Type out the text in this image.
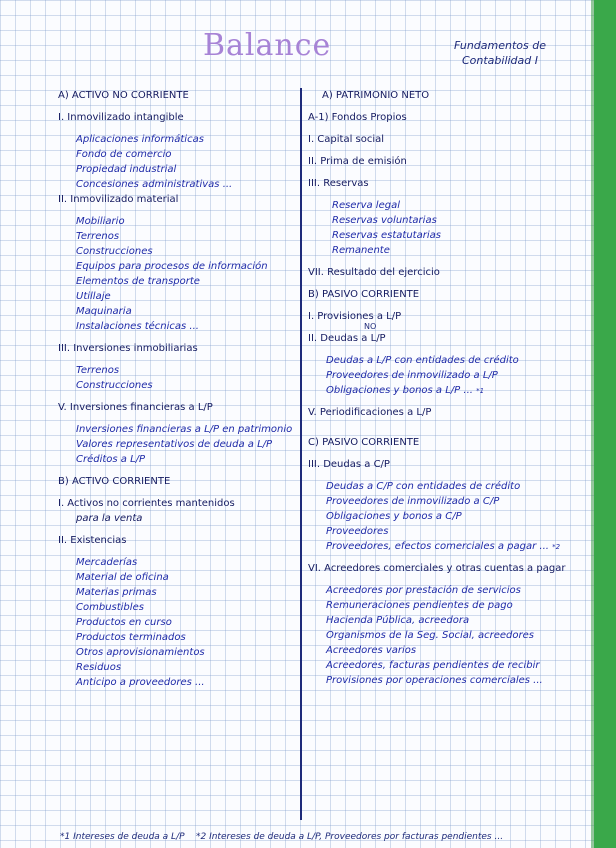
Balance	Fundamentos de
Contabilidad I
A) ACTIVO NO CORRIENTE
I. Inmovilizado intangible
Aplicaciones informáticas
Fondo de comercio
Propiedad industrial
Concesiones administrativas ...
II. Inmovilizado material
Mobiliario
Terrenos
Construcciones
Equipos para procesos de información
Elementos de transporte
Utillaje
Maquinaria
Instalaciones técnicas ...
III. Inversiones inmobiliarias
Terrenos
Construcciones
V. Inversiones financieras a L/P
Inversiones financieras a L/P en patrimonio
Valores representativos de deuda a L/P
Créditos a L/P
B) ACTIVO CORRIENTE
I. Activos no corrientes mantenidos
para la venta
II. Existencias
Mercaderías
Material de oficina
Materias primas
Combustibles
Productos en curso
Productos terminados
Otros aprovisionamientos
Residuos
Anticipo a proveedores ...
A) PATRIMONIO NETO
A-1) Fondos Propios
I. Capital social
II. Prima de emisión
III. Reservas
Reserva legal
Reservas voluntarias
Reservas estatutarias
Remanente
VII. Resultado del ejercicio
B) PASIVO CORRIENTE
I. Provisiones a L/P
II. Deudas a L/P
Deudas a L/P con entidades de crédito
Proveedores de inmovilizado a L/P
Obligaciones y bonos a L/P ... *1
V. Periodificaciones a L/P
C) PASIVO CORRIENTE
III. Deudas a C/P
Deudas a C/P con entidades de crédito
Proveedores de inmovilizado a C/P
Obligaciones y bonos a C/P
Proveedores
Proveedores, efectos comerciales a pagar ... *2
VI. Acreedores comerciales y otras cuentas a pagar
Acreedores por prestación de servicios
Remuneraciones pendientes de pago
Hacienda Pública, acreedora
Organismos de la Seg. Social, acreedores
Acreedores varios
Acreedores, facturas pendientes de recibir
Provisiones por operaciones comerciales ...
NO
*1 Intereses de deuda a L/P *2 Intereses de deuda a L/P, Proveedores por facturas pendientes ...
